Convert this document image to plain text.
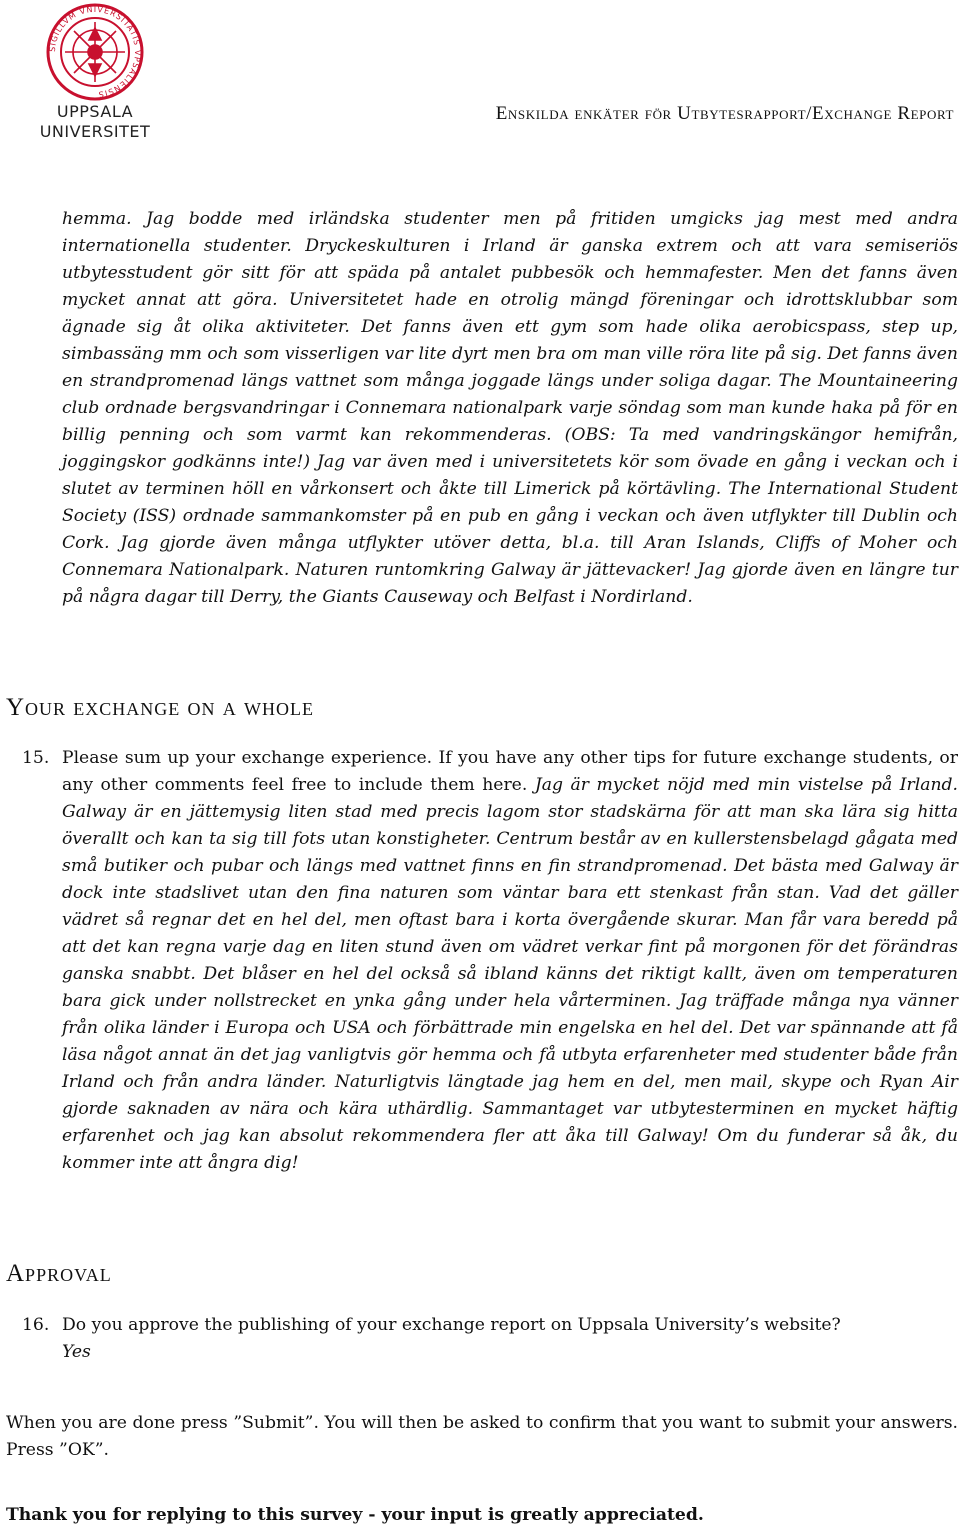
SIGILLVM VNIVERSITATIS VPSALIENSIS
UPPSALA
UNIVERSITET
Enskilda enkäter för Utbytesrapport/Exchange Report
hemma. Jag bodde med irländska studenter men på fritiden umgicks jag mest med andra internationella studenter. Dryckeskulturen i Irland är ganska extrem och att vara semiseriös utbytesstudent gör sitt för att späda på antalet pubbesök och hemmafester. Men det fanns även mycket annat att göra. Universitetet hade en otrolig mängd föreningar och idrottsklubbar som ägnade sig åt olika aktiviteter. Det fanns även ett gym som hade olika aerobicspass, step up, simbassäng mm och som visserligen var lite dyrt men bra om man ville röra lite på sig. Det fanns även en strandpromenad längs vattnet som många joggade längs under soliga dagar. The Mountaineering club ordnade bergsvandringar i Connemara nationalpark varje söndag som man kunde haka på för en billig penning och som varmt kan rekommenderas. (OBS: Ta med vandringskängor hemifrån, joggingskor godkänns inte!) Jag var även med i universitetets kör som övade en gång i veckan och i slutet av terminen höll en vårkonsert och åkte till Limerick på körtävling. The International Student Society (ISS) ordnade sammankomster på en pub en gång i veckan och även utflykter till Dublin och Cork. Jag gjorde även många utflykter utöver detta, bl.a. till Aran Islands, Cliffs of Moher och Connemara Nationalpark. Naturen runtomkring Galway är jättevacker! Jag gjorde även en längre tur på några dagar till Derry, the Giants Causeway och Belfast i Nordirland.
Your exchange on a whole
15. Please sum up your exchange experience. If you have any other tips for future exchange students, or any other comments feel free to include them here. Jag är mycket nöjd med min vistelse på Irland. Galway är en jättemysig liten stad med precis lagom stor stadskärna för att man ska lära sig hitta överallt och kan ta sig till fots utan konstigheter. Centrum består av en kullerstensbelagd gågata med små butiker och pubar och längs med vattnet finns en fin strandpromenad. Det bästa med Galway är dock inte stadslivet utan den fina naturen som väntar bara ett stenkast från stan. Vad det gäller vädret så regnar det en hel del, men oftast bara i korta övergående skurar. Man får vara beredd på att det kan regna varje dag en liten stund även om vädret verkar fint på morgonen för det förändras ganska snabbt. Det blåser en hel del också så ibland känns det riktigt kallt, även om temperaturen bara gick under nollstrecket en ynka gång under hela vårterminen. Jag träffade många nya vänner från olika länder i Europa och USA och förbättrade min engelska en hel del. Det var spännande att få läsa något annat än det jag vanligtvis gör hemma och få utbyta erfarenheter med studenter både från Irland och från andra länder. Naturligtvis längtade jag hem en del, men mail, skype och Ryan Air gjorde saknaden av nära och kära uthärdlig. Sammantaget var utbytesterminen en mycket häftig erfarenhet och jag kan absolut rekommendera fler att åka till Galway! Om du funderar så åk, du kommer inte att ångra dig!
Approval
16. Do you approve the publishing of your exchange report on Uppsala University’s website?
Yes
When you are done press ”Submit”. You will then be asked to confirm that you want to submit your answers. Press ”OK”.
Thank you for replying to this survey - your input is greatly appreciated.
